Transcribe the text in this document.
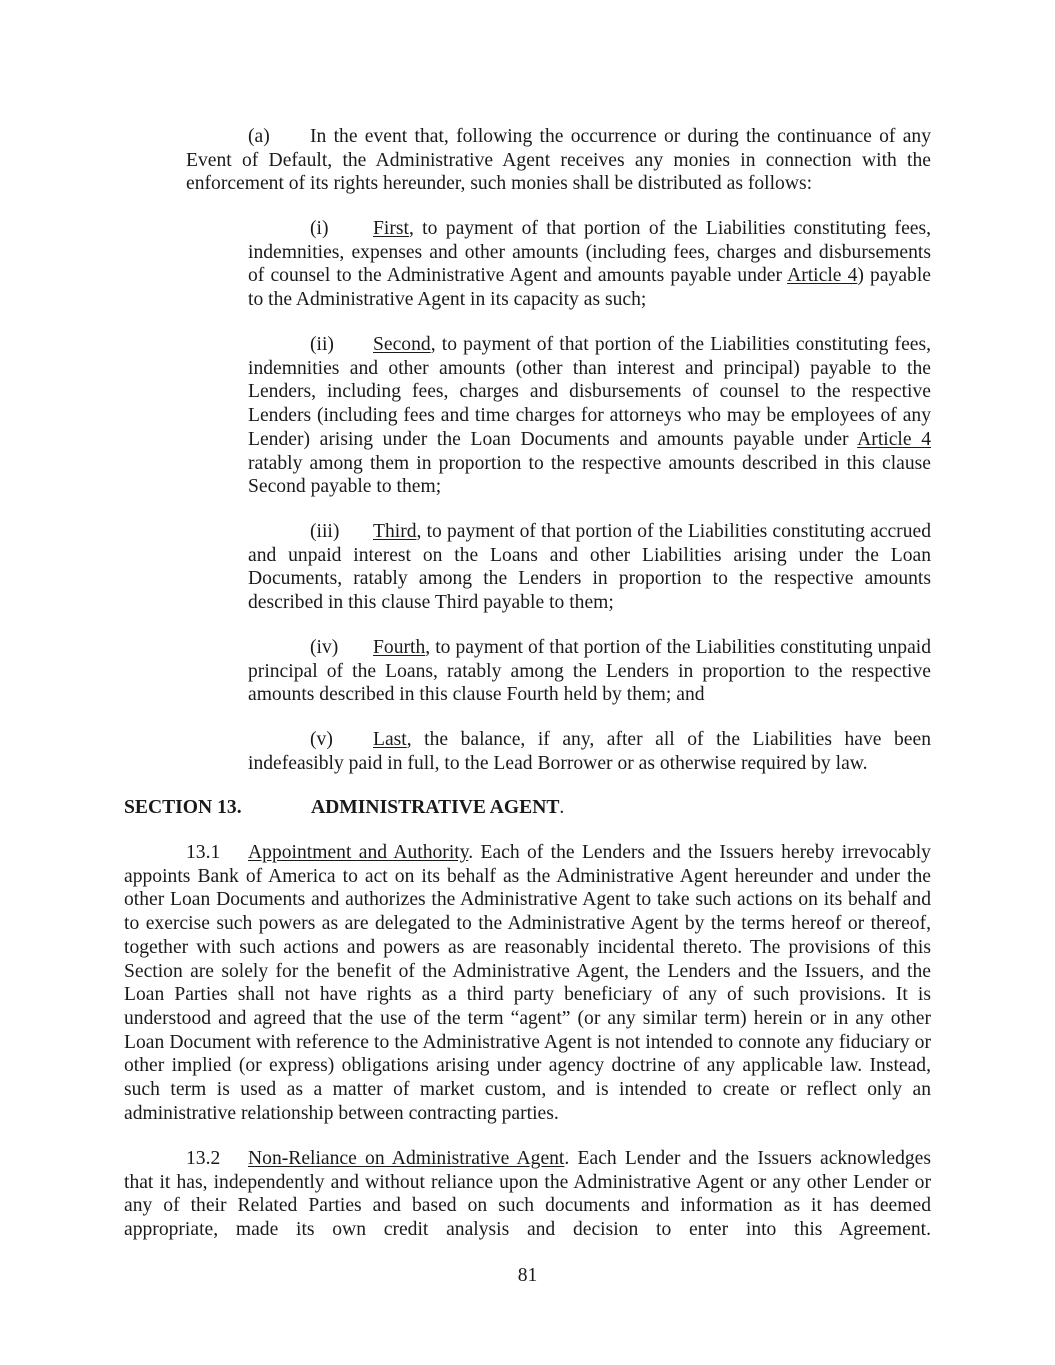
(a) In the event that, following the occurrence or during the continuance of any Event of Default, the Administrative Agent receives any monies in connection with the enforcement of its rights hereunder, such monies shall be distributed as follows:
(i) First, to payment of that portion of the Liabilities constituting fees, indemnities, expenses and other amounts (including fees, charges and disbursements of counsel to the Administrative Agent and amounts payable under Article 4) payable to the Administrative Agent in its capacity as such;
(ii) Second, to payment of that portion of the Liabilities constituting fees, indemnities and other amounts (other than interest and principal) payable to the Lenders, including fees, charges and disbursements of counsel to the respective Lenders (including fees and time charges for attorneys who may be employees of any Lender) arising under the Loan Documents and amounts payable under Article 4 ratably among them in proportion to the respective amounts described in this clause Second payable to them;
(iii) Third, to payment of that portion of the Liabilities constituting accrued and unpaid interest on the Loans and other Liabilities arising under the Loan Documents, ratably among the Lenders in proportion to the respective amounts described in this clause Third payable to them;
(iv) Fourth, to payment of that portion of the Liabilities constituting unpaid principal of the Loans, ratably among the Lenders in proportion to the respective amounts described in this clause Fourth held by them; and
(v) Last, the balance, if any, after all of the Liabilities have been indefeasibly paid in full, to the Lead Borrower or as otherwise required by law.
SECTION 13.	ADMINISTRATIVE AGENT.
13.1 Appointment and Authority. Each of the Lenders and the Issuers hereby irrevocably appoints Bank of America to act on its behalf as the Administrative Agent hereunder and under the other Loan Documents and authorizes the Administrative Agent to take such actions on its behalf and to exercise such powers as are delegated to the Administrative Agent by the terms hereof or thereof, together with such actions and powers as are reasonably incidental thereto. The provisions of this Section are solely for the benefit of the Administrative Agent, the Lenders and the Issuers, and the Loan Parties shall not have rights as a third party beneficiary of any of such provisions. It is understood and agreed that the use of the term “agent” (or any similar term) herein or in any other Loan Document with reference to the Administrative Agent is not intended to connote any fiduciary or other implied (or express) obligations arising under agency doctrine of any applicable law. Instead, such term is used as a matter of market custom, and is intended to create or reflect only an administrative relationship between contracting parties.
13.2 Non-Reliance on Administrative Agent. Each Lender and the Issuers acknowledges that it has, independently and without reliance upon the Administrative Agent or any other Lender or any of their Related Parties and based on such documents and information as it has deemed appropriate, made its own credit analysis and decision to enter into this Agreement.
81
